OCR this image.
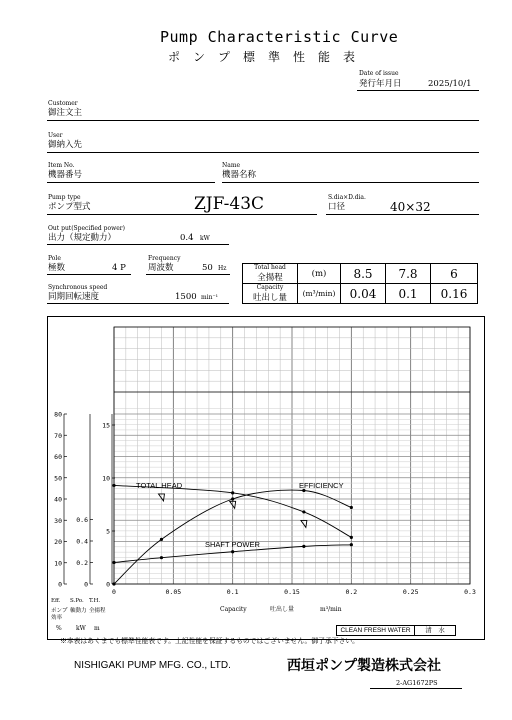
Pump Characteristic Curve
ポンプ標準性能表
Date of issue
発行年月日	2025/10/1
Customer
御注文主
User
御納入先
Item No.
機器番号
Name
機器名称
Pump type
ポンプ型式	ZJF-43C	S.dia×D.dia.
口径	40×32
Out put(Specified power)
出力（規定動力）	0.4 kW
Pole
極数	4 P
Frequency
周波数	50 Hz
Synchronous speed
同期回転速度	1500 min⁻¹
Total head
全揚程	(m)	8.5	7.8	6

Capacity
吐出し量	(m³/min)	0.04	0.1	0.16
0
10
20
30
40
50
60
70
80
0
0.2
0.4
0.6
0
5
10
15
0	0.05	0.1	0.15	0.2	0.25	0.3
Eff. S.Po. T.H.
ポンプ効率
軸動力 全揚程
% kW m
Capacity	吐出し量	m³/min
TOTAL HEAD	EFFICIENCY
SHAFT POWER
CLEAN FRESH WATER	清　水
※本表はあくまでも標準性能表です。上記性能を保証するものではございません。御了承下さい。
NISHIGAKI PUMP MFG. CO., LTD.	西垣ポンプ製造株式会社
2-AG1672PS
